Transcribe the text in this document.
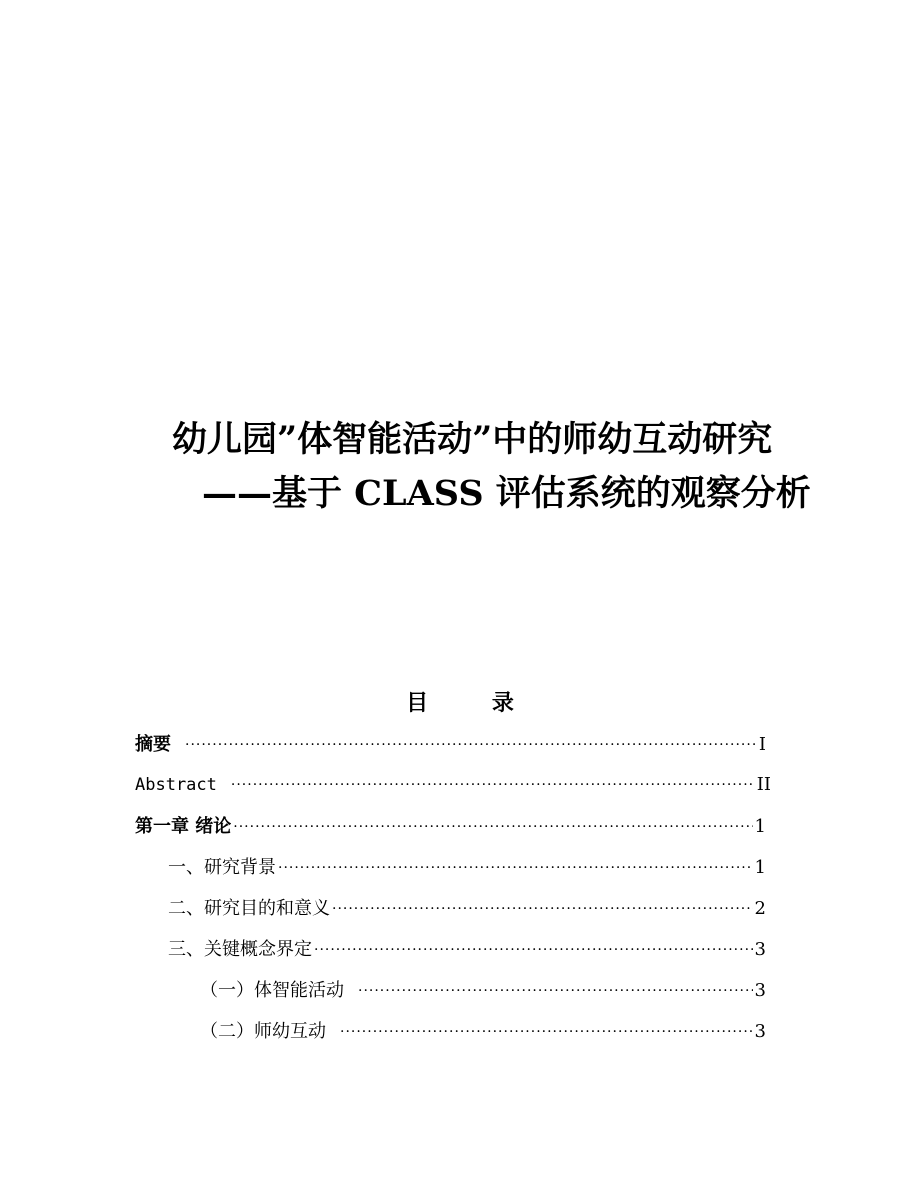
幼儿园”体智能活动”中的师幼互动研究
——基于 CLASS 评估系统的观察分析
目 录
摘要 ·····	I
Abstract ·····	II
第一章 绪论 ·····	1
一、研究背景 ·····	1
二、研究目的和意义 ·····	2
三、关键概念界定 ·····	3
（一）体智能活动 ·····	3
（二）师幼互动 ·····	3
